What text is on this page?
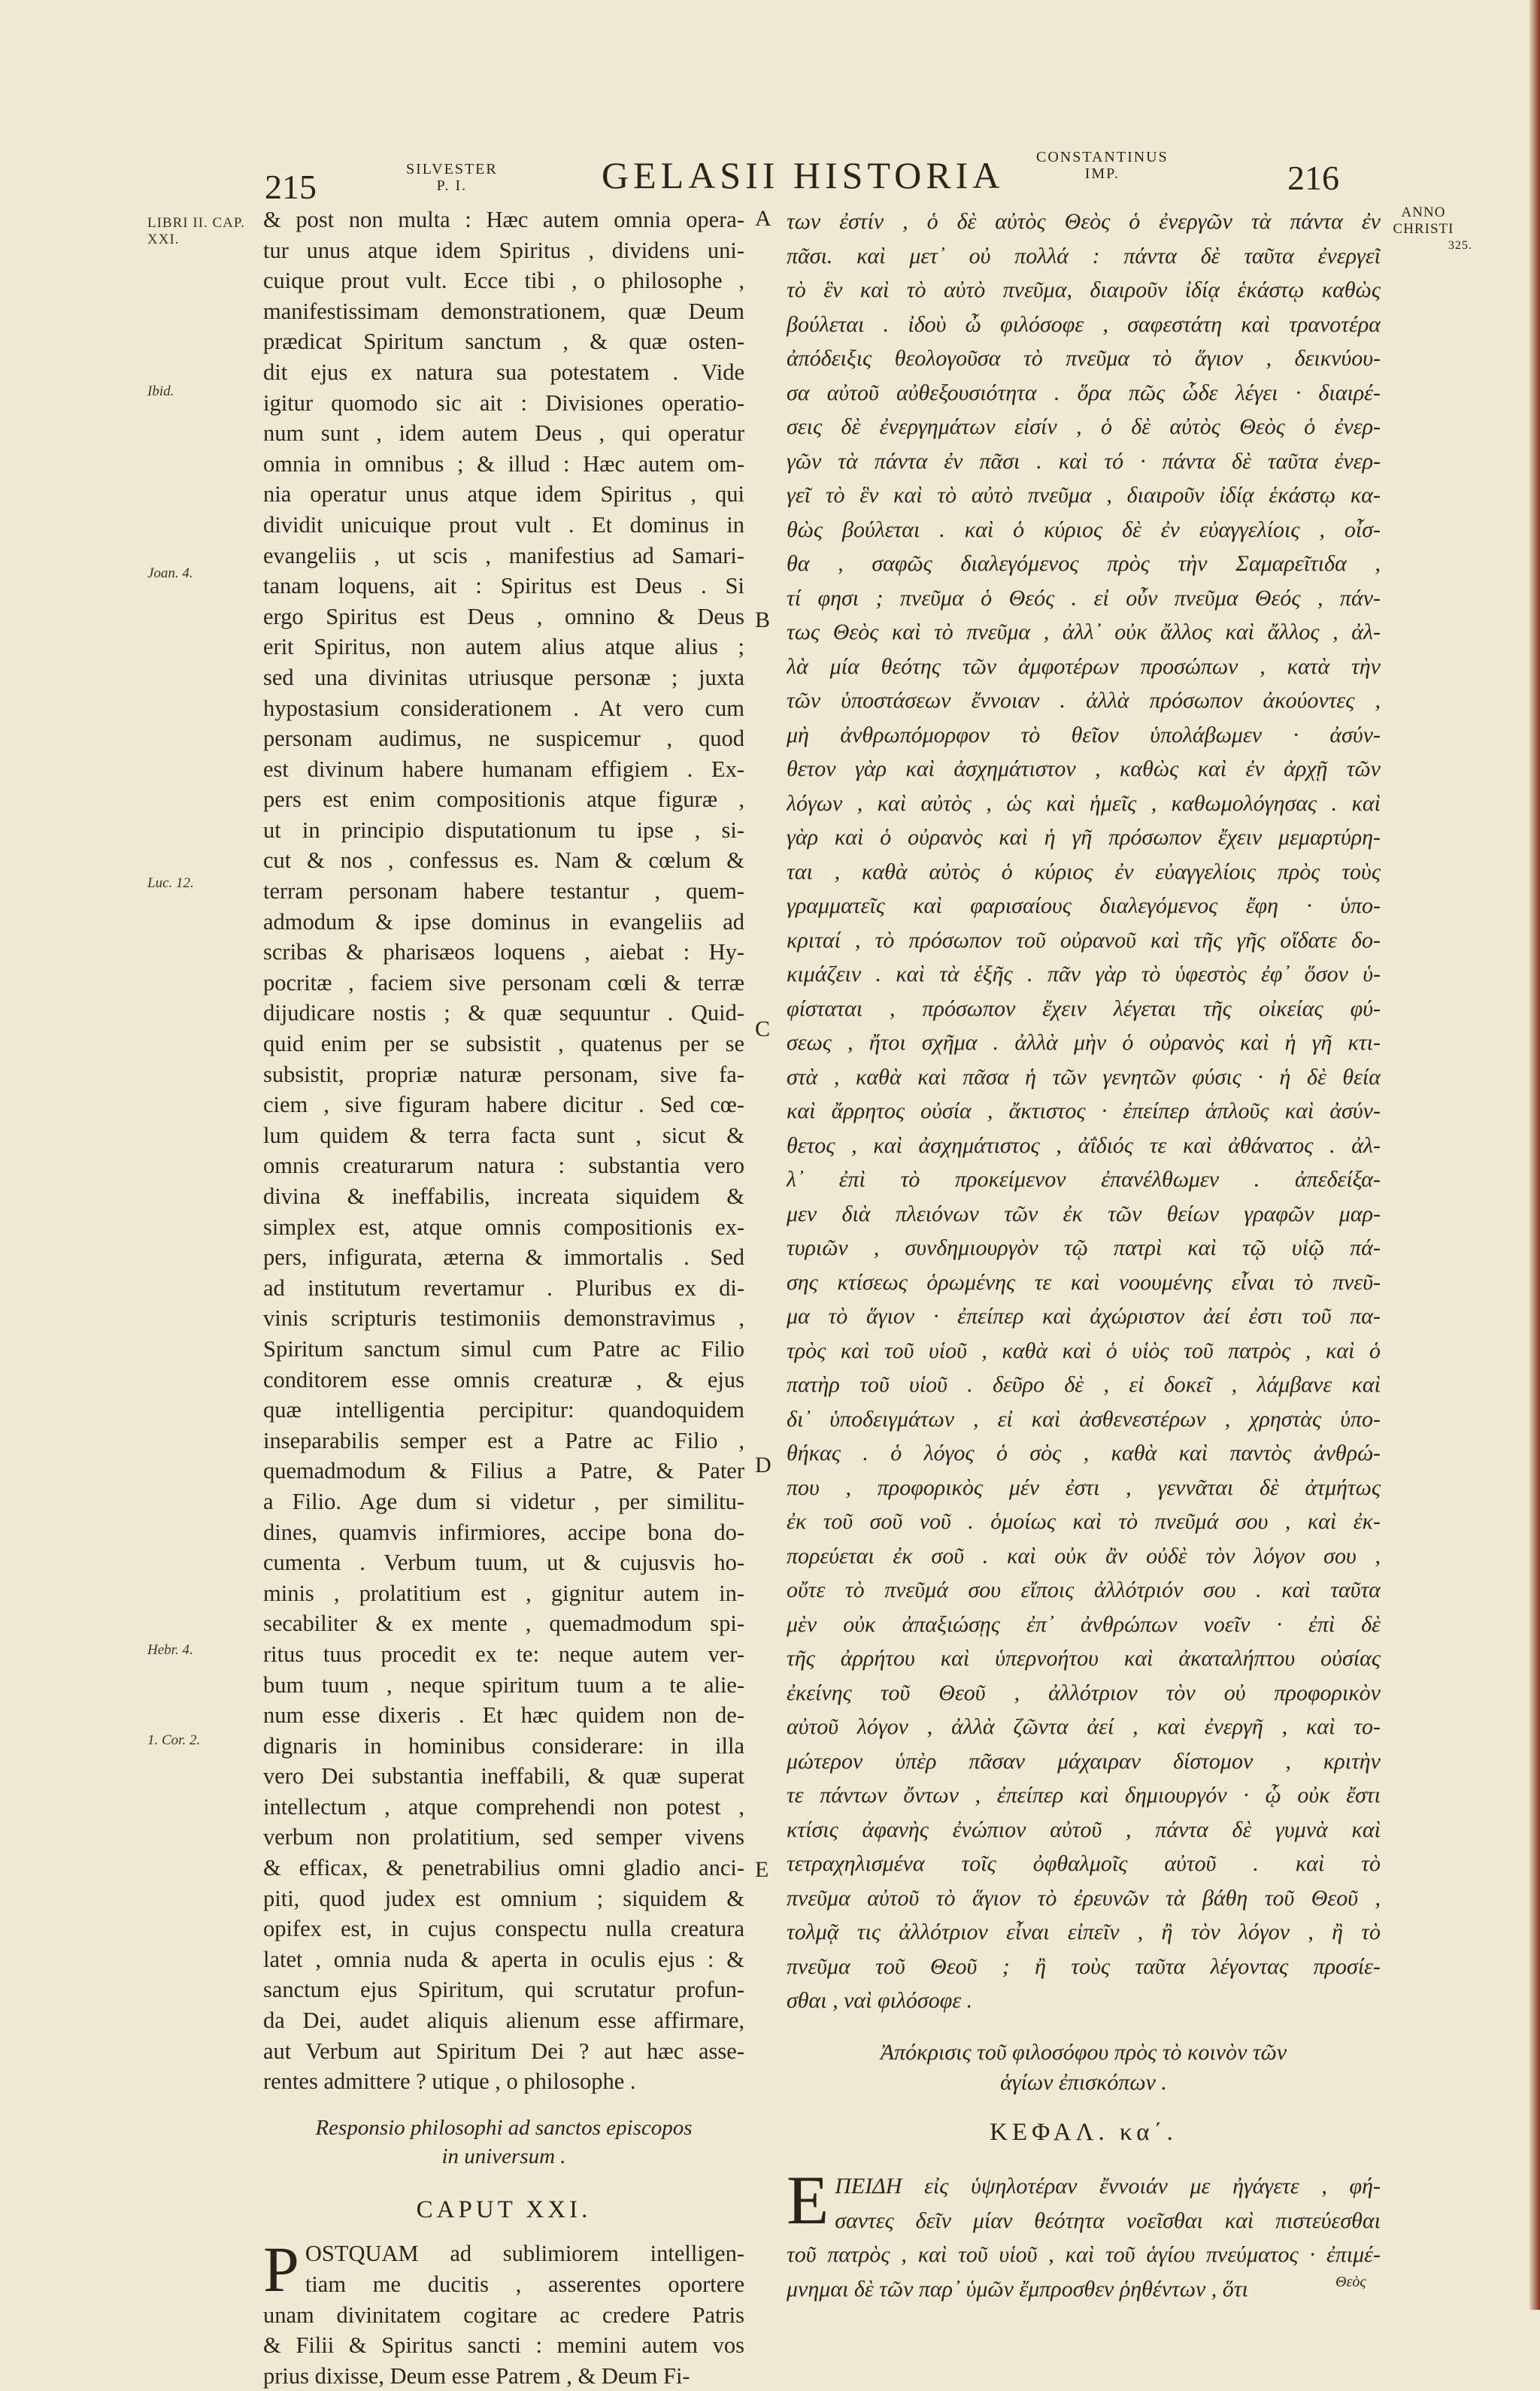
215	SILVESTER
P. I.	GELASII HISTORIA CONSTANTINUS
IMP.	216
ANNO
CHRISTI
325.
LIBRI II. CAP. XXI.
Ibid.
Joan. 4.
Luc. 12.
Hebr. 4.
1. Cor. 2.
A
B
C
D
E
& post non multa : Hæc autem omnia opera-
tur unus atque idem Spiritus , dividens uni-
cuique prout vult. Ecce tibi , o philosophe ,
manifestissimam demonstrationem, quæ Deum
prædicat Spiritum sanctum , & quæ osten-
dit ejus ex natura sua potestatem . Vide
igitur quomodo sic ait : Divisiones operatio-
num sunt , idem autem Deus , qui operatur
omnia in omnibus ; & illud : Hæc autem om-
nia operatur unus atque idem Spiritus , qui
dividit unicuique prout vult . Et dominus in
evangeliis , ut scis , manifestius ad Samari-
tanam loquens, ait : Spiritus est Deus . Si
ergo Spiritus est Deus , omnino & Deus
erit Spiritus, non autem alius atque alius ;
sed una divinitas utriusque personæ ; juxta
hypostasium considerationem . At vero cum
personam audimus, ne suspicemur , quod
est divinum habere humanam effigiem . Ex-
pers est enim compositionis atque figuræ ,
ut in principio disputationum tu ipse , si-
cut & nos , confessus es. Nam & cœlum &
terram personam habere testantur , quem-
admodum & ipse dominus in evangeliis ad
scribas & pharisæos loquens , aiebat : Hy-
pocritæ , faciem sive personam cœli & terræ
dijudicare nostis ; & quæ sequuntur . Quid-
quid enim per se subsistit , quatenus per se
subsistit, propriæ naturæ personam, sive fa-
ciem , sive figuram habere dicitur . Sed cœ-
lum quidem & terra facta sunt , sicut &
omnis creaturarum natura : substantia vero
divina & ineffabilis, increata siquidem &
simplex est, atque omnis compositionis ex-
pers, infigurata, æterna & immortalis . Sed
ad institutum revertamur . Pluribus ex di-
vinis scripturis testimoniis demonstravimus ,
Spiritum sanctum simul cum Patre ac Filio
conditorem esse omnis creaturæ , & ejus
quæ intelligentia percipitur: quandoquidem
inseparabilis semper est a Patre ac Filio ,
quemadmodum & Filius a Patre, & Pater
a Filio. Age dum si videtur , per similitu-
dines, quamvis infirmiores, accipe bona do-
cumenta . Verbum tuum, ut & cujusvis ho-
minis , prolatitium est , gignitur autem in-
secabiliter & ex mente , quemadmodum spi-
ritus tuus procedit ex te: neque autem ver-
bum tuum , neque spiritum tuum a te alie-
num esse dixeris . Et hæc quidem non de-
dignaris in hominibus considerare: in illa
vero Dei substantia ineffabili, & quæ superat
intellectum , atque comprehendi non potest ,
verbum non prolatitium, sed semper vivens
& efficax, & penetrabilius omni gladio anci-
piti, quod judex est omnium ; siquidem &
opifex est, in cujus conspectu nulla creatura
latet , omnia nuda & aperta in oculis ejus : &
sanctum ejus Spiritum, qui scrutatur profun-
da Dei, audet aliquis alienum esse affirmare,
aut Verbum aut Spiritum Dei ? aut hæc asse-
rentes admittere ? utique , o philosophe .
Responsio philosophi ad sanctos episcopos
in universum .
CAPUT XXI.
P OSTQUAM ad sublimiorem intelligen-
tiam me ducitis , asserentes oportere
unam divinitatem cogitare ac credere Patris
& Filii & Spiritus sancti : memini autem vos
prius dixisse, Deum esse Patrem , & Deum Fi-
των ἐστίν , ὁ δὲ αὐτὸς Θεὸς ὁ ἐνεργῶν τὰ πάντα ἐν
πᾶσι. καὶ μετ᾽ οὐ πολλά : πάντα δὲ ταῦτα ἐνεργεῖ
τὸ ἓν καὶ τὸ αὐτὸ πνεῦμα, διαιροῦν ἰδίᾳ ἑκάστῳ καθὼς
βούλεται . ἰδοὺ ὦ φιλόσοφε , σαφεστάτη καὶ τρανοτέρα
ἀπόδειξις θεολογοῦσα τὸ πνεῦμα τὸ ἅγιον , δεικνύου-
σα αὐτοῦ αὐθεξουσιότητα . ὅρα πῶς ὧδε λέγει · διαιρέ-
σεις δὲ ἐνεργημάτων εἰσίν , ὁ δὲ αὐτὸς Θεὸς ὁ ἐνερ-
γῶν τὰ πάντα ἐν πᾶσι . καὶ τό · πάντα δὲ ταῦτα ἐνερ-
γεῖ τὸ ἓν καὶ τὸ αὐτὸ πνεῦμα , διαιροῦν ἰδίᾳ ἑκάστῳ κα-
θὼς βούλεται . καὶ ὁ κύριος δὲ ἐν εὐαγγελίοις , οἶσ-
θα , σαφῶς διαλεγόμενος πρὸς τὴν Σαμαρεῖτιδα ,
τί φησι ; πνεῦμα ὁ Θεός . εἰ οὖν πνεῦμα Θεός , πάν-
τως Θεὸς καὶ τὸ πνεῦμα , ἀλλ᾽ οὐκ ἄλλος καὶ ἄλλος , ἀλ-
λὰ μία θεότης τῶν ἀμφοτέρων προσώπων , κατὰ τὴν
τῶν ὑποστάσεων ἔννοιαν . ἀλλὰ πρόσωπον ἀκούοντες ,
μὴ ἀνθρωπόμορφον τὸ θεῖον ὑπολάβωμεν · ἀσύν-
θετον γὰρ καὶ ἀσχημάτιστον , καθὼς καὶ ἐν ἀρχῇ τῶν
λόγων , καὶ αὐτὸς , ὡς καὶ ἡμεῖς , καθωμολόγησας . καὶ
γὰρ καὶ ὁ οὐρανὸς καὶ ἡ γῆ πρόσωπον ἔχειν μεμαρτύρη-
ται , καθὰ αὐτὸς ὁ κύριος ἐν εὐαγγελίοις πρὸς τοὺς
γραμματεῖς καὶ φαρισαίους διαλεγόμενος ἔφη · ὑπο-
κριταί , τὸ πρόσωπον τοῦ οὐρανοῦ καὶ τῆς γῆς οἴδατε δο-
κιμάζειν . καὶ τὰ ἑξῆς . πᾶν γὰρ τὸ ὑφεστὸς ἐφ᾽ ὅσον ὑ-
φίσταται , πρόσωπον ἔχειν λέγεται τῆς οἰκείας φύ-
σεως , ἤτοι σχῆμα . ἀλλὰ μὴν ὁ οὐρανὸς καὶ ἡ γῆ κτι-
στὰ , καθὰ καὶ πᾶσα ἡ τῶν γενητῶν φύσις · ἡ δὲ θεία
καὶ ἄρρητος οὐσία , ἄκτιστος · ἐπείπερ ἁπλοῦς καὶ ἀσύν-
θετος , καὶ ἀσχημάτιστος , ἀΐδιός τε καὶ ἀθάνατος . ἀλ-
λ᾽ ἐπὶ τὸ προκείμενον ἐπανέλθωμεν . ἀπεδείξα-
μεν διὰ πλειόνων τῶν ἐκ τῶν θείων γραφῶν μαρ-
τυριῶν , συνδημιουργὸν τῷ πατρὶ καὶ τῷ υἱῷ πά-
σης κτίσεως ὁρωμένης τε καὶ νοουμένης εἶναι τὸ πνεῦ-
μα τὸ ἅγιον · ἐπείπερ καὶ ἀχώριστον ἀεί ἐστι τοῦ πα-
τρὸς καὶ τοῦ υἱοῦ , καθὰ καὶ ὁ υἱὸς τοῦ πατρὸς , καὶ ὁ
πατὴρ τοῦ υἱοῦ . δεῦρο δὲ , εἰ δοκεῖ , λάμβανε καὶ
δι᾽ ὑποδειγμάτων , εἰ καὶ ἀσθενεστέρων , χρηστὰς ὑπο-
θήκας . ὁ λόγος ὁ σὸς , καθὰ καὶ παντὸς ἀνθρώ-
που , προφορικὸς μέν ἐστι , γεννᾶται δὲ ἀτμήτως
ἐκ τοῦ σοῦ νοῦ . ὁμοίως καὶ τὸ πνεῦμά σου , καὶ ἐκ-
πορεύεται ἐκ σοῦ . καὶ οὐκ ἂν οὐδὲ τὸν λόγον σου ,
οὔτε τὸ πνεῦμά σου εἴποις ἀλλότριόν σου . καὶ ταῦτα
μὲν οὐκ ἀπαξιώσῃς ἐπ᾽ ἀνθρώπων νοεῖν · ἐπὶ δὲ
τῆς ἀρρήτου καὶ ὑπερνοήτου καὶ ἀκαταλήπτου οὐσίας
ἐκείνης τοῦ Θεοῦ , ἀλλότριον τὸν οὐ προφορικὸν
αὐτοῦ λόγον , ἀλλὰ ζῶντα ἀεί , καὶ ἐνεργῆ , καὶ το-
μώτερον ὑπὲρ πᾶσαν μάχαιραν δίστομον , κριτὴν
τε πάντων ὄντων , ἐπείπερ καὶ δημιουργόν · ᾧ οὐκ ἔστι
κτίσις ἀφανὴς ἐνώπιον αὐτοῦ , πάντα δὲ γυμνὰ καὶ
τετραχηλισμένα τοῖς ὀφθαλμοῖς αὐτοῦ . καὶ τὸ
πνεῦμα αὐτοῦ τὸ ἅγιον τὸ ἐρευνῶν τὰ βάθη τοῦ Θεοῦ ,
τολμᾷ τις ἀλλότριον εἶναι εἰπεῖν , ἢ τὸν λόγον , ἢ τὸ
πνεῦμα τοῦ Θεοῦ ; ἢ τοὺς ταῦτα λέγοντας προσίε-
σθαι , ναὶ φιλόσοφε .
Ἀπόκρισις τοῦ φιλοσόφου πρὸς τὸ κοινὸν τῶν
ἁγίων ἐπισκόπων .
ΚΕΦΑΛ. κα΄.
Ε ΠΕΙΔΗ εἰς ὑψηλοτέραν ἔννοιάν με ἠγάγετε , φή-
σαντες δεῖν μίαν θεότητα νοεῖσθαι καὶ πιστεύεσθαι
τοῦ πατρὸς , καὶ τοῦ υἱοῦ , καὶ τοῦ ἁγίου πνεύματος · ἐπιμέ-
μνημαι δὲ τῶν παρ᾽ ὑμῶν ἔμπροσθεν ῥηθέντων , ὅτι	Θεὸς
